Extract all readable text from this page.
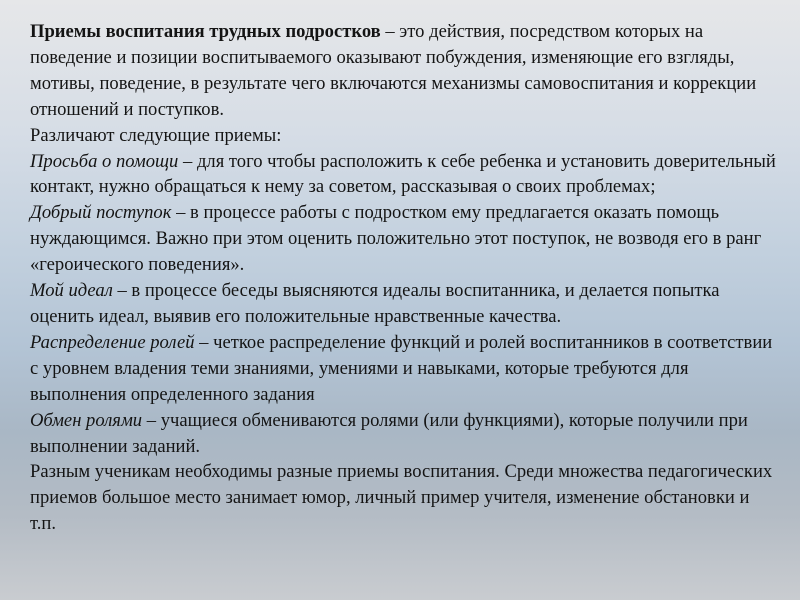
Приемы воспитания трудных подростков – это действия, посредством которых на поведение и позиции воспитываемого оказывают побуждения, изменяющие его взгляды, мотивы, поведение, в результате чего включаются механизмы самовоспитания и коррекции отношений и поступков.

Различают следующие приемы:

Просьба о помощи – для того чтобы расположить к себе ребенка и установить доверительный контакт, нужно обращаться к нему за советом, рассказывая о своих проблемах;

Добрый поступок – в процессе работы с подростком ему предлагается оказать помощь нуждающимся. Важно при этом оценить положительно этот поступок, не возводя его в ранг «героического поведения».

Мой идеал – в процессе беседы выясняются идеалы воспитанника, и делается попытка оценить идеал, выявив его положительные нравственные качества.

Распределение ролей – четкое распределение функций и ролей воспитанников в соответствии с уровнем владения теми знаниями, умениями и навыками, которые требуются для выполнения определенного задания

Обмен ролями – учащиеся обмениваются ролями (или функциями), которые получили при выполнении заданий.

Разным ученикам необходимы разные приемы воспитания. Среди множества педагогических приемов большое место занимает юмор, личный пример учителя, изменение обстановки и т.п.
